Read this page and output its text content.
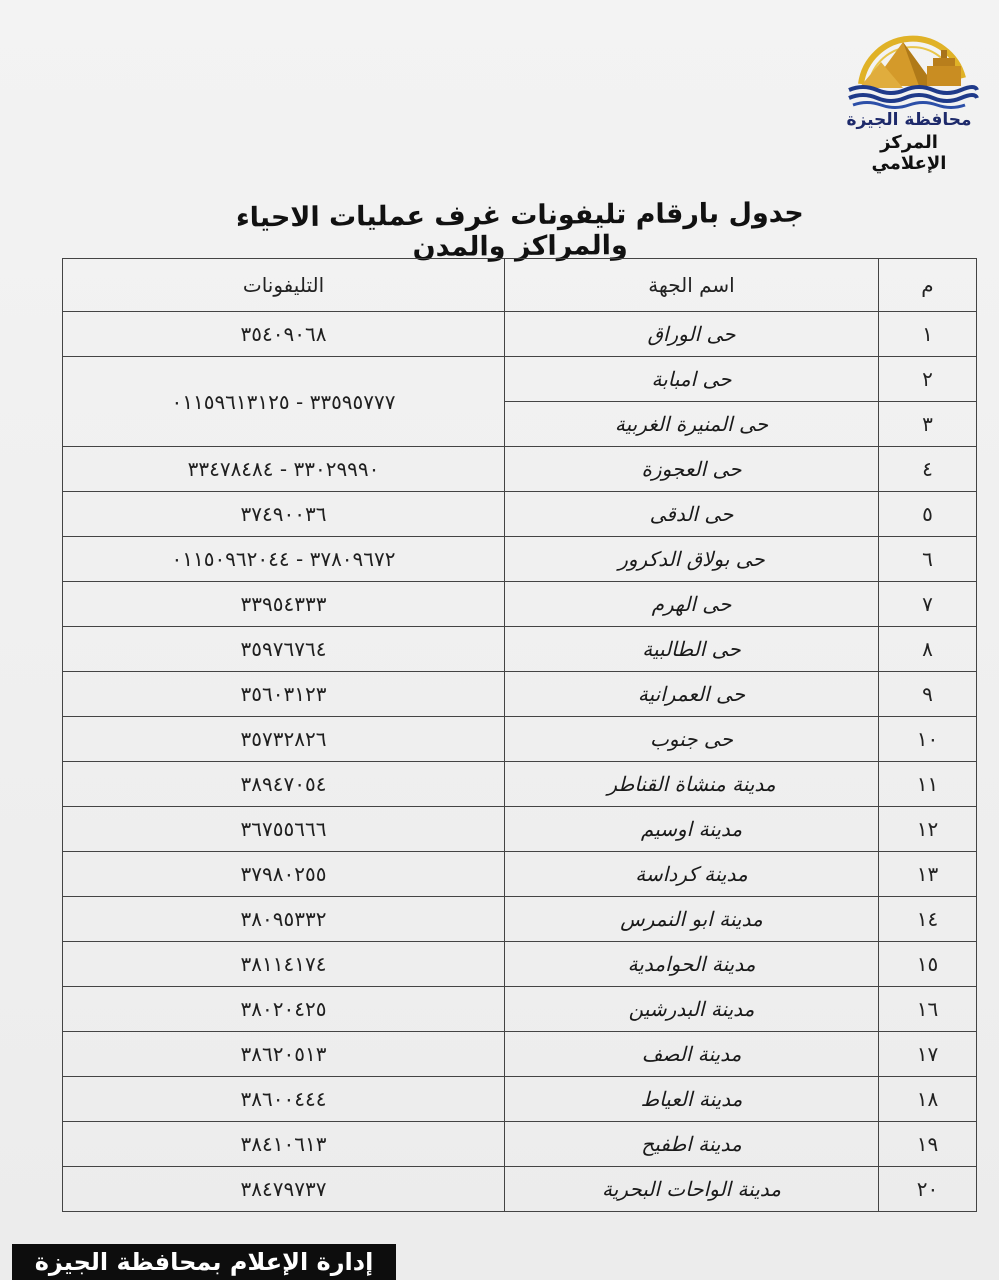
محافظة الجيزة
المركز الإعلامي
جدول بارقام تليفونات غرف عمليات الاحياء والمراكز والمدن
م	اسم الجهة	التليفونات
١	حى الوراق	٣٥٤٠٩٠٦٨
٢	حى امبابة	٣٣٥٩٥٧٧٧ - ٠١١٥٩٦١٣١٢٥
٣	حى المنيرة الغربية	
٤	حى العجوزة	٣٣٠٢٩٩٩٠ - ٣٣٤٧٨٤٨٤
٥	حى الدقى	٣٧٤٩٠٠٣٦
٦	حى بولاق الدكرور	٣٧٨٠٩٦٧٢ - ٠١١٥٠٩٦٢٠٤٤
٧	حى الهرم	٣٣٩٥٤٣٣٣
٨	حى الطالبية	٣٥٩٧٦٧٦٤
٩	حى العمرانية	٣٥٦٠٣١٢٣
١٠	حى جنوب	٣٥٧٣٢٨٢٦
١١	مدينة منشاة القناطر	٣٨٩٤٧٠٥٤
١٢	مدينة اوسيم	٣٦٧٥٥٦٦٦
١٣	مدينة كرداسة	٣٧٩٨٠٢٥٥
١٤	مدينة ابو النمرس	٣٨٠٩٥٣٣٢
١٥	مدينة الحوامدية	٣٨١١٤١٧٤
١٦	مدينة البدرشين	٣٨٠٢٠٤٢٥
١٧	مدينة الصف	٣٨٦٢٠٥١٣
١٨	مدينة العياط	٣٨٦٠٠٤٤٤
١٩	مدينة اطفيح	٣٨٤١٠٦١٣
٢٠	مدينة الواحات البحرية	٣٨٤٧٩٧٣٧
إدارة الإعلام بمحافظة الجيزة
